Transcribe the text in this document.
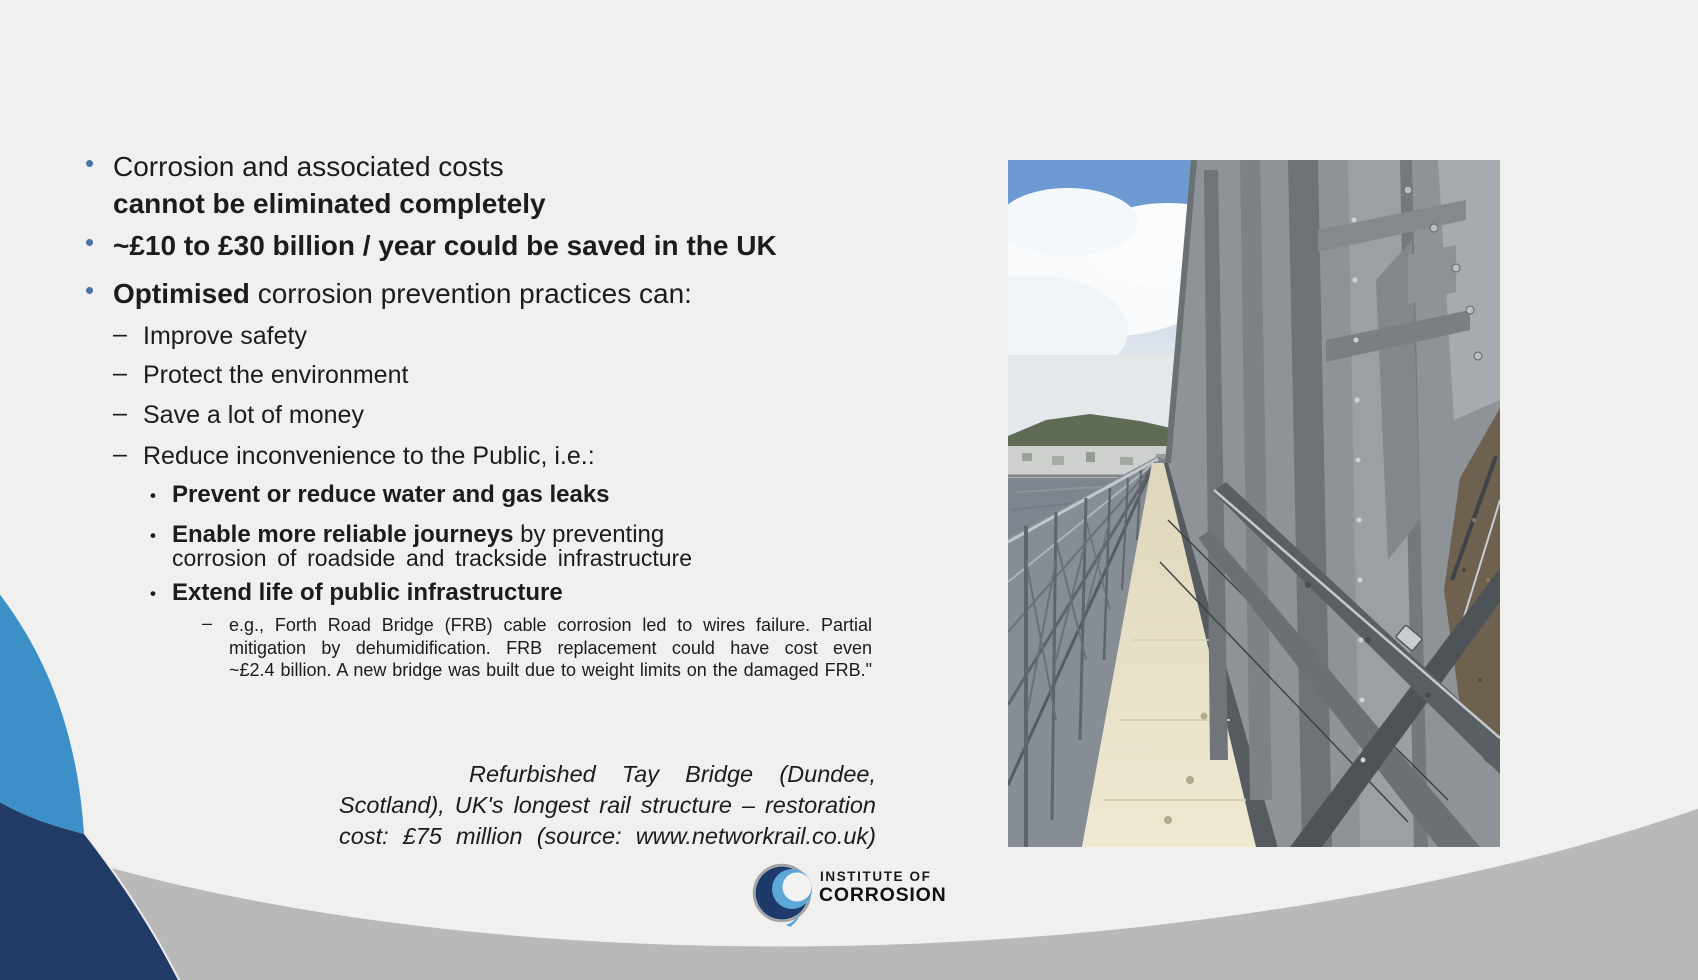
• Corrosion and associated costs
cannot be eliminated completely
• ~£10 to £30 billion / year could be saved in the UK
• Optimised corrosion prevention practices can:
– Improve safety
– Protect the environment
– Save a lot of money
– Reduce inconvenience to the Public, i.e.:
• Prevent or reduce water and gas leaks
• Enable more reliable journeys by preventing
corrosion of roadside and trackside infrastructure
• Extend life of public infrastructure
– e.g., Forth Road Bridge (FRB) cable corrosion led to wires failure. Partial
mitigation by dehumidification. FRB replacement could have cost even
~£2.4 billion. A new bridge was built due to weight limits on the damaged FRB."
Refurbished Tay Bridge (Dundee,
Scotland), UK's longest rail structure – restoration
cost: £75 million (source: www.networkrail.co.uk)
INSTITUTE OF
CORROSION
